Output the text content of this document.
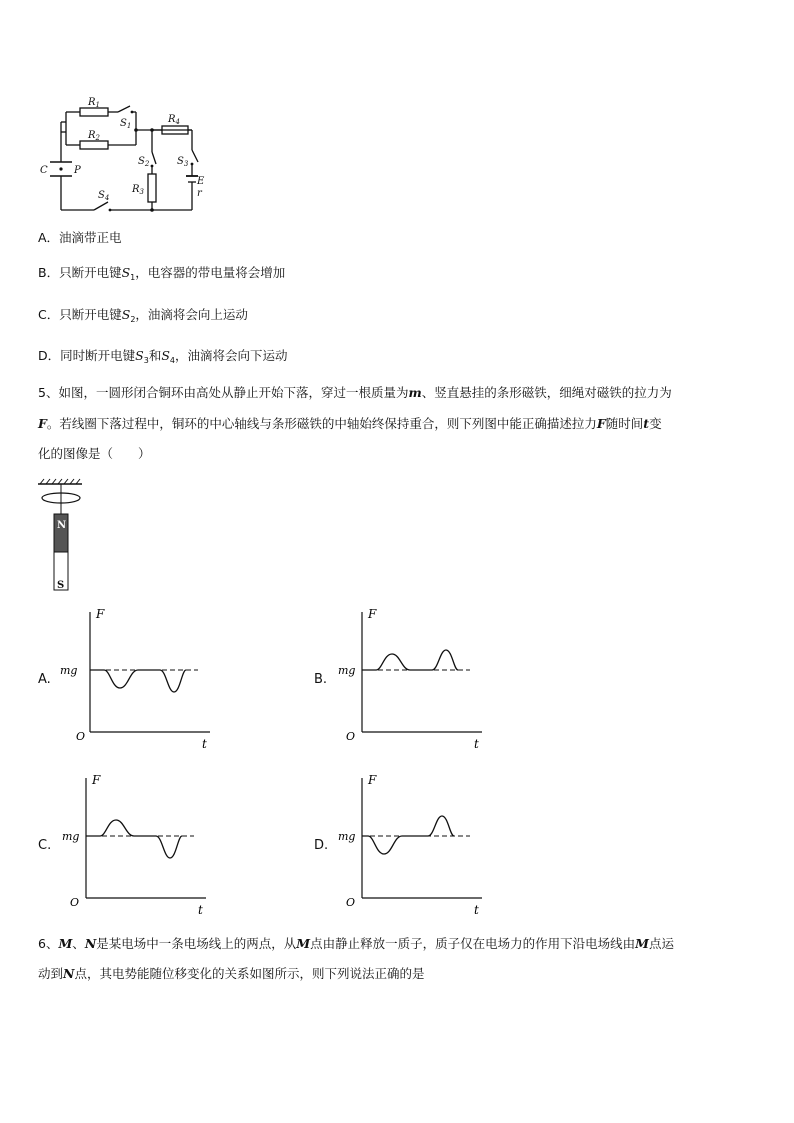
$R_1$
$R_2$
$R_3$
$R_4$
$S_1$
$S_2$	$S_3$
$S_4$
C	P
E
r
A．油滴带正电
B．只断开电键$S_1$，电容器的带电量将会增加
C．只断开电键$S_2$，油滴将会向上运动
D．同时断开电键$S_3$和$S_4$，油滴将会向下运动
5、如图，一圆形闭合铜环由高处从静止开始下落，穿过一根质量为m、竖直悬挂的条形磁铁，细绳对磁铁的拉力为
F。若线圈下落过程中，铜环的中心轴线与条形磁铁的中轴始终保持重合，则下列图中能正确描述拉力F随时间t变
化的图像是（　　）
N
S
A.
F
t
O
mg
B.
F
t
O
mg
C.
F
t
O
mg
D.
F
t
O
mg
6、M、N是某电场中一条电场线上的两点，从M点由静止释放一质子，质子仅在电场力的作用下沿电场线由M点运
动到N点，其电势能随位移变化的关系如图所示，则下列说法正确的是
